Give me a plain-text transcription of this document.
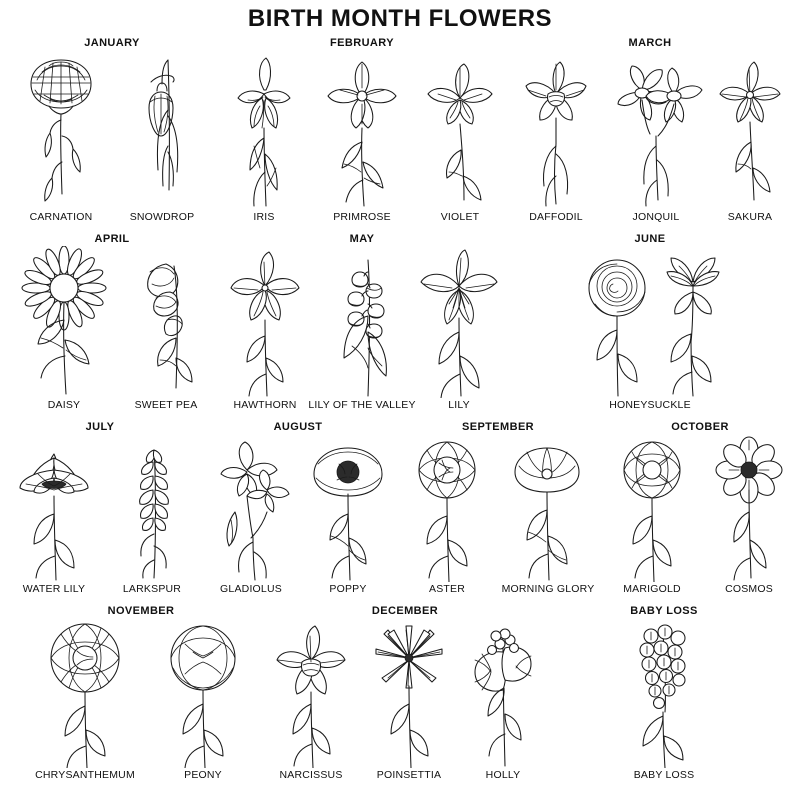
BIRTH MONTH FLOWERS
JANUARY
CARNATION	SNOWDROP
FEBRUARY
IRIS	PRIMROSE	VIOLET
MARCH
DAFFODIL	JONQUIL	SAKURA
APRIL
DAISY	SWEET PEA
MAY
HAWTHORN LILY OF THE VALLEY	LILY
JUNE
HONEYSUCKLE
JULY
WATER LILY	LARKSPUR
AUGUST
GLADIOLUS	POPPY
SEPTEMBER
ASTER	MORNING GLORY
OCTOBER
MARIGOLD	COSMOS
NOVEMBER
CHRYSANTHEMUM	PEONY
DECEMBER
NARCISSUS	POINSETTIA	HOLLY
BABY LOSS
BABY LOSS
